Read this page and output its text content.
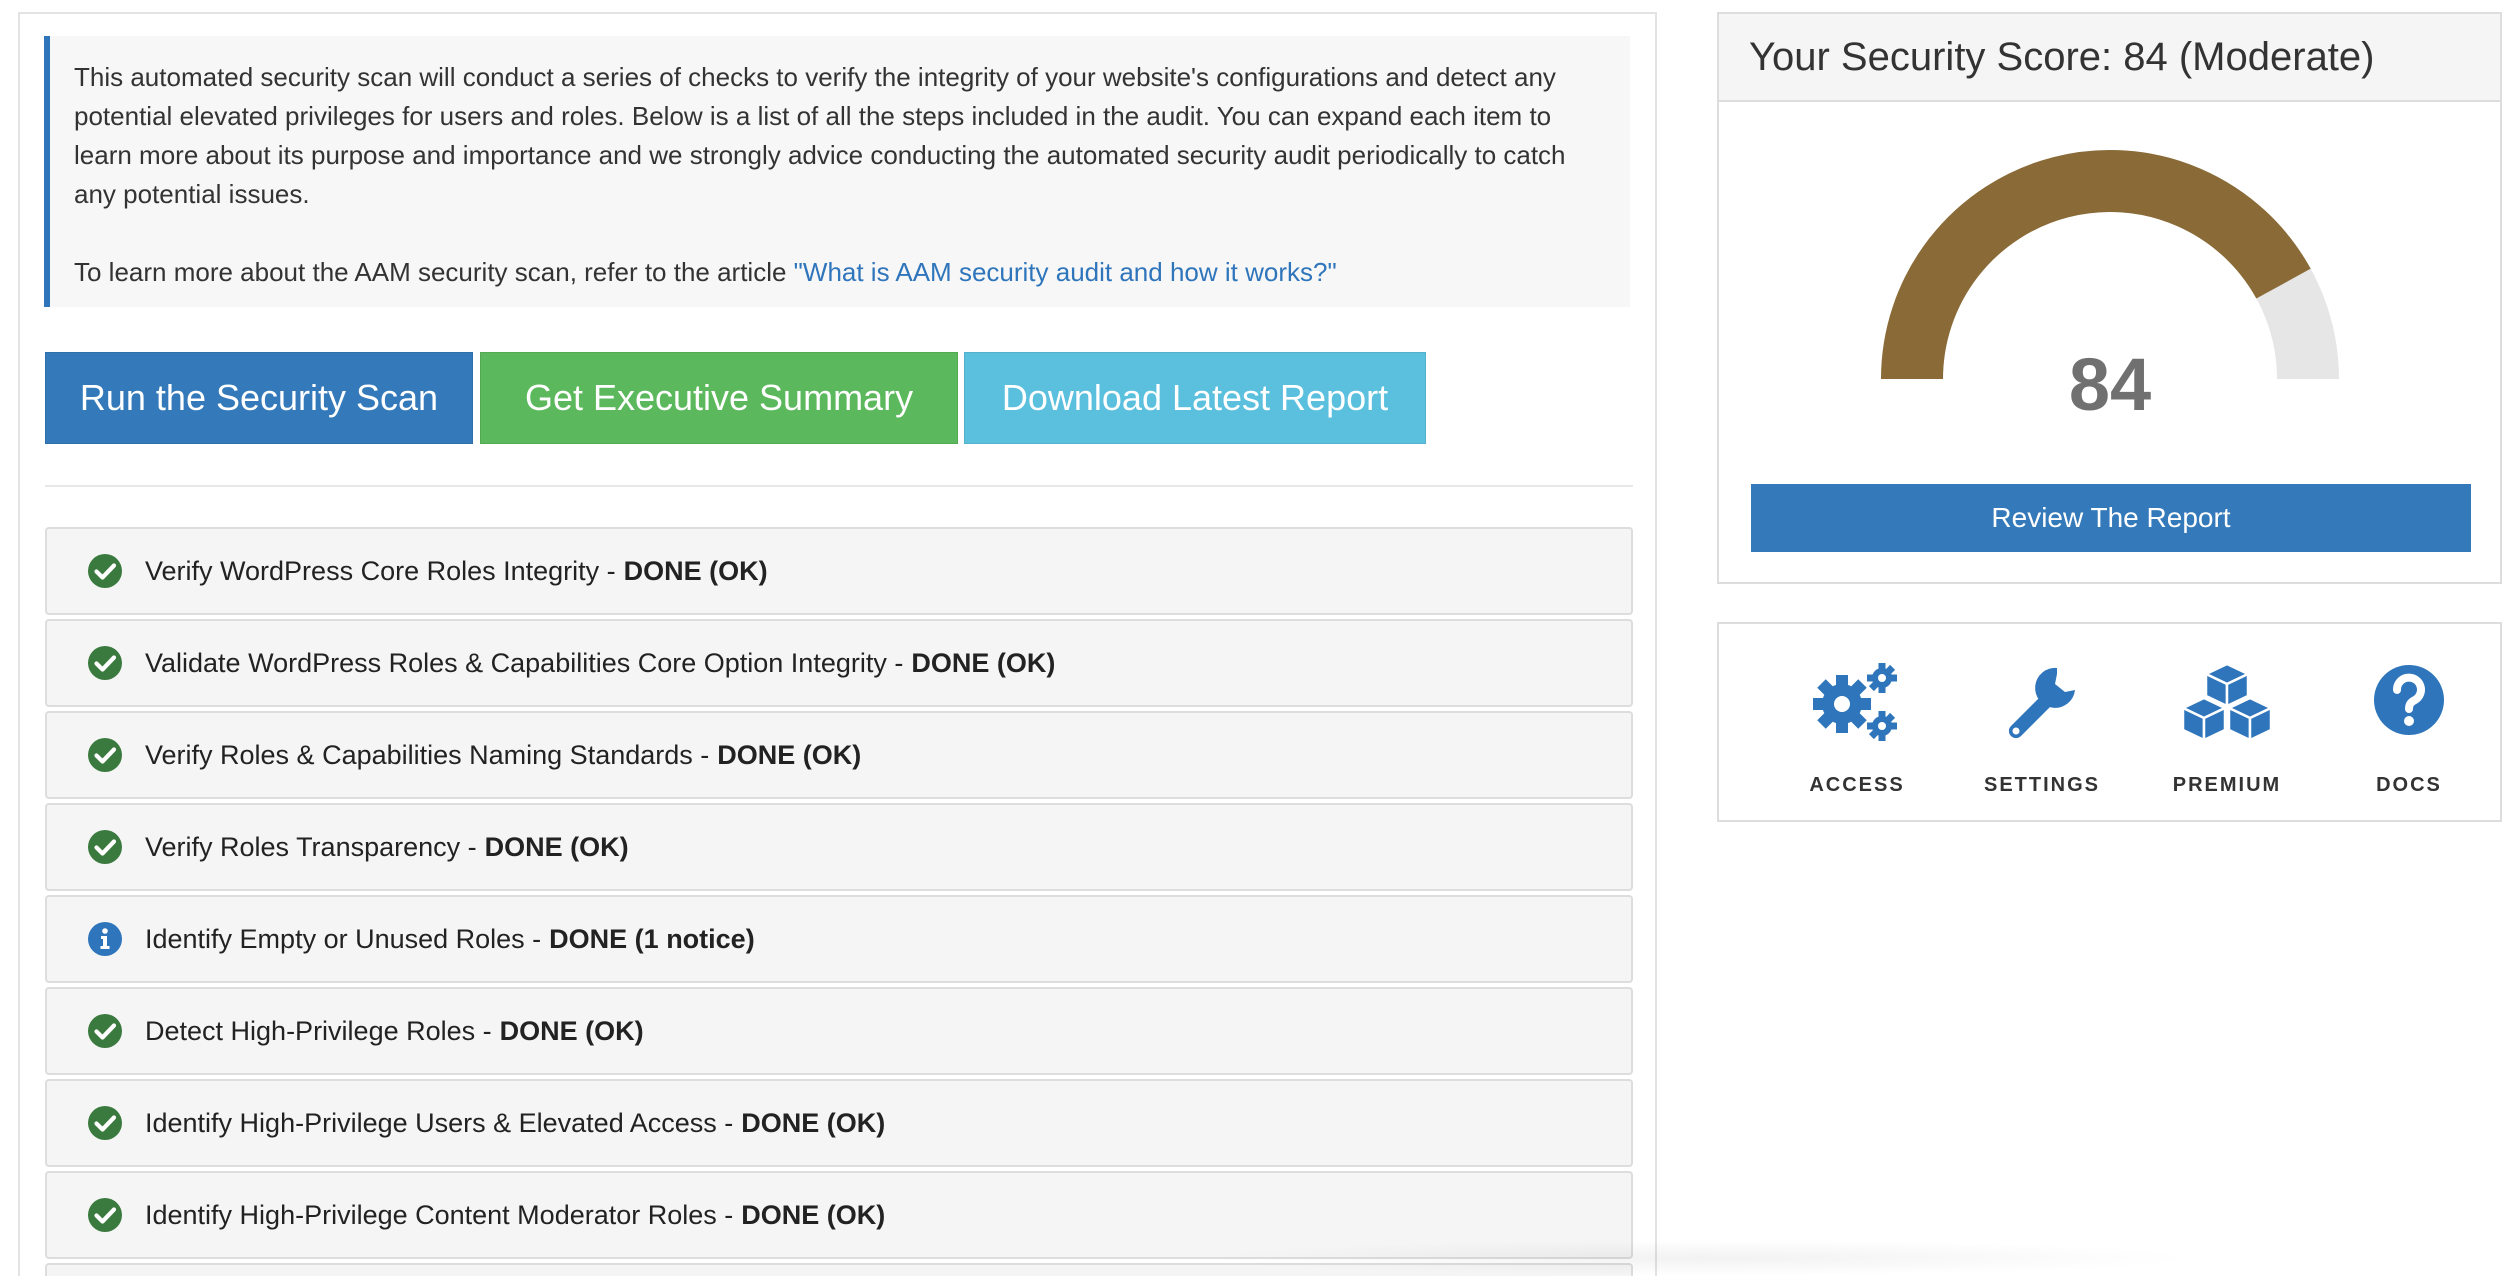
This automated security scan will conduct a series of checks to verify the integrity of your website's configurations and detect any potential elevated privileges for users and roles. Below is a list of all the steps included in the audit. You can expand each item to learn more about its purpose and importance and we strongly advice conducting the automated security audit periodically to catch any potential issues.

To learn more about the AAM security scan, refer to the article "What is AAM security audit and how it works?"

Run the Security Scan	Get Executive Summary	Download Latest Report
Verify WordPress Core Roles Integrity - DONE (OK)
Validate WordPress Roles & Capabilities Core Option Integrity - DONE (OK)
Verify Roles & Capabilities Naming Standards - DONE (OK)
Verify Roles Transparency - DONE (OK)
Identify Empty or Unused Roles - DONE (1 notice)
Detect High-Privilege Roles - DONE (OK)
Identify High-Privilege Users & Elevated Access - DONE (OK)
Identify High-Privilege Content Moderator Roles - DONE (OK)
Your Security Score: 84 (Moderate)
84
Review The Report
ACCESS	SETTINGS	PREMIUM	DOCS
